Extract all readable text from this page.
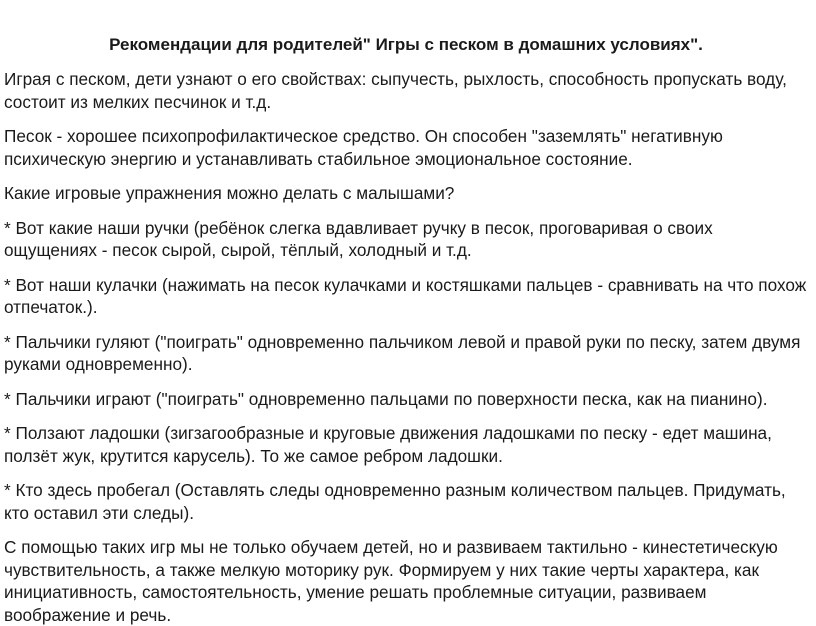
Рекомендации для родителей" Игры с песком в домашних условиях".
Играя с песком, дети узнают о его свойствах: сыпучесть, рыхлость, способность пропускать воду, состоит из мелких песчинок и т.д.
Песок - хорошее психопрофилактическое средство. Он способен "заземлять" негативную психическую энергию и устанавливать стабильное эмоциональное состояние.
Какие игровые упражнения можно делать с малышами?
* Вот какие наши ручки (ребёнок слегка вдавливает ручку в песок, проговаривая о своих ощущениях - песок сырой, сырой, тёплый, холодный и т.д.
* Вот наши кулачки (нажимать на песок кулачками и костяшками пальцев - сравнивать на что похож отпечаток.).
* Пальчики гуляют ("поиграть" одновременно пальчиком левой и правой руки по песку, затем двумя руками одновременно).
* Пальчики играют ("поиграть" одновременно пальцами по поверхности песка, как на пианино).
* Ползают ладошки (зигзагообразные и круговые движения ладошками по песку - едет машина, ползёт жук, крутится карусель). То же самое ребром ладошки.
* Кто здесь пробегал (Оставлять следы одновременно разным количеством пальцев. Придумать, кто оставил эти следы).
С помощью таких игр мы не только обучаем детей, но и развиваем тактильно - кинестетическую чувствительность, а также мелкую моторику рук. Формируем у них такие черты характера, как инициативность, самостоятельность, умение решать проблемные ситуации, развиваем воображение и речь.
